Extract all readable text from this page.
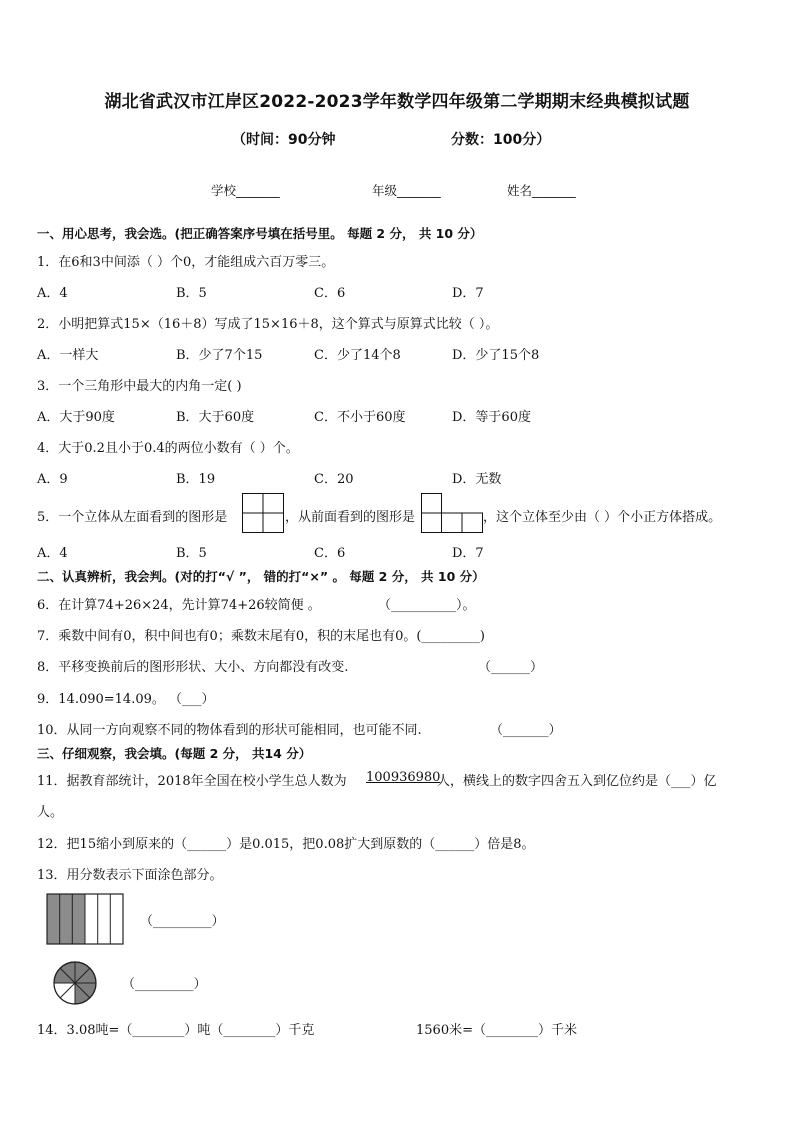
湖北省武汉市江岸区2022-2023学年数学四年级第二学期期末经典模拟试题
（时间：90分钟	分数：100分）
学校_______	年级_______	姓名_______
一、用心思考，我会选。(把正确答案序号填在括号里。 每题 2 分， 共 10 分）
1．在6和3中间添（ ）个0，才能组成六百万零三。
A．4	B．5	C．6	D．7
2．小明把算式15×（16＋8）写成了15×16＋8，这个算式与原算式比较（ ）。
A．一样大	B．少了7个15	C．少了14个8	D．少了15个8
3．一个三角形中最大的内角一定( )
A．大于90度	B．大于60度	C．不小于60度	D．等于60度
4．大于0.2且小于0.4的两位小数有（ ）个。
A．9	B．19	C．20	D．无数
5．一个立体从左面看到的图形是	，从前面看到的图形是	，这个立体至少由（ ）个小正方体搭成。
A．4	B．5	C．6	D．7
二、认真辨析，我会判。(对的打“√ ”， 错的打“×” 。 每题 2 分， 共 10 分）
6．在计算74+26×24，先计算74+26较简便 。	（__________）。
7．乘数中间有0，积中间也有0；乘数末尾有0，积的末尾也有0。(_________)
8．平移变换前后的图形形状、大小、方向都没有改变.	（______）
9．14.090=14.09。 （___）
10．从同一方向观察不同的物体看到的形状可能相同，也可能不同.	（_______）
三、仔细观察，我会填。(每题 2 分， 共14 分）
11．据教育部统计，2018年全国在校小学生总人数为 100936980
人，横线上的数字四舍五入到亿位约是（___）亿
人。
12．把15缩小到原来的（______）是0.015，把0.08扩大到原数的（______）倍是8。
13．用分数表示下面涂色部分。
（_________）
（_________）
14．3.08吨=（________）吨（________）千克	1560米=（________）千米
